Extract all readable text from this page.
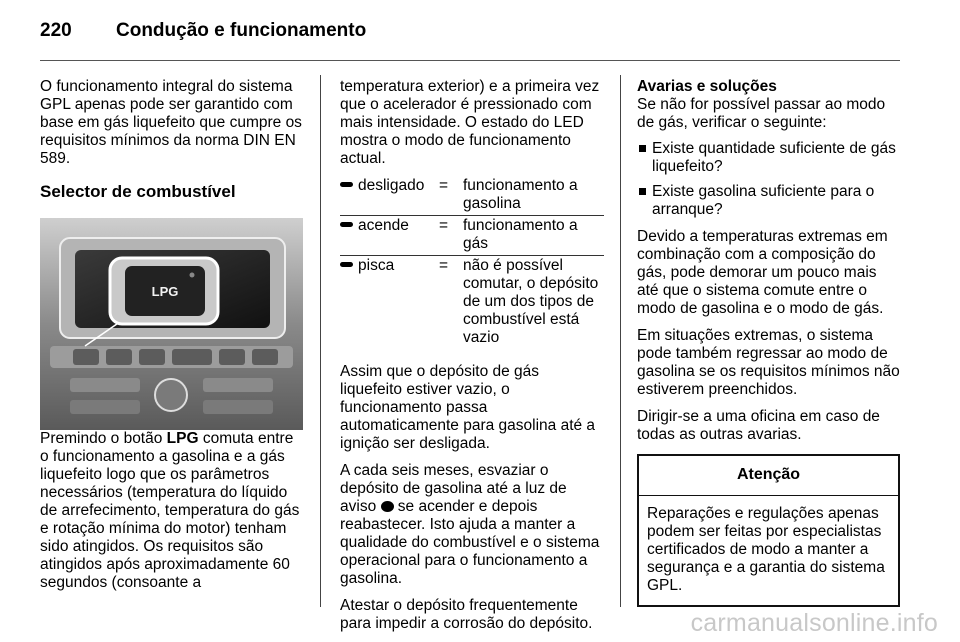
220 Condução e funcionamento

O funcionamento integral do sistema GPL apenas pode ser garantido com base em gás liquefeito que cumpre os requisitos mínimos da norma DIN EN 589.

Selector de combustível
LPG

Premindo o botão LPG comuta entre o funcionamento a gasolina e a gás liquefeito logo que os parâmetros necessários (temperatura do líquido de arrefecimento, temperatura do gás e rotação mínima do motor) tenham sido atingidos. Os requisitos são atingidos após aproximadamente 60 segundos (consoante a

temperatura exterior) e a primeira vez que o acelerador é pressionado com mais intensidade. O estado do LED mostra o modo de funcionamento actual.

desligado	=	funcionamento a gasolina
acende	=	funcionamento a gás
pisca	=	não é possível comutar, o depósito de um dos tipos de combustível está vazio

Assim que o depósito de gás liquefeito estiver vazio, o funcionamento passa automaticamente para gasolina até a ignição ser desligada.

A cada seis meses, esvaziar o depósito de gasolina até a luz de aviso  se acender e depois reabastecer. Isto ajuda a manter a qualidade do combustível e o sistema operacional para o funcionamento a gasolina.

Atestar o depósito frequentemente para impedir a corrosão do depósito.

Avarias e soluções

Se não for possível passar ao modo de gás, verificar o seguinte:

Existe quantidade suficiente de gás liquefeito?
Existe gasolina suficiente para o arranque?

Devido a temperaturas extremas em combinação com a composição do gás, pode demorar um pouco mais até que o sistema comute entre o modo de gasolina e o modo de gás.

Em situações extremas, o sistema pode também regressar ao modo de gasolina se os requisitos mínimos não estiverem preenchidos.

Dirigir-se a uma oficina em caso de todas as outras avarias.

Atenção
Reparações e regulações apenas podem ser feitas por especialistas certificados de modo a manter a segurança e a garantia do sistema GPL.
carmanualsonline.info
